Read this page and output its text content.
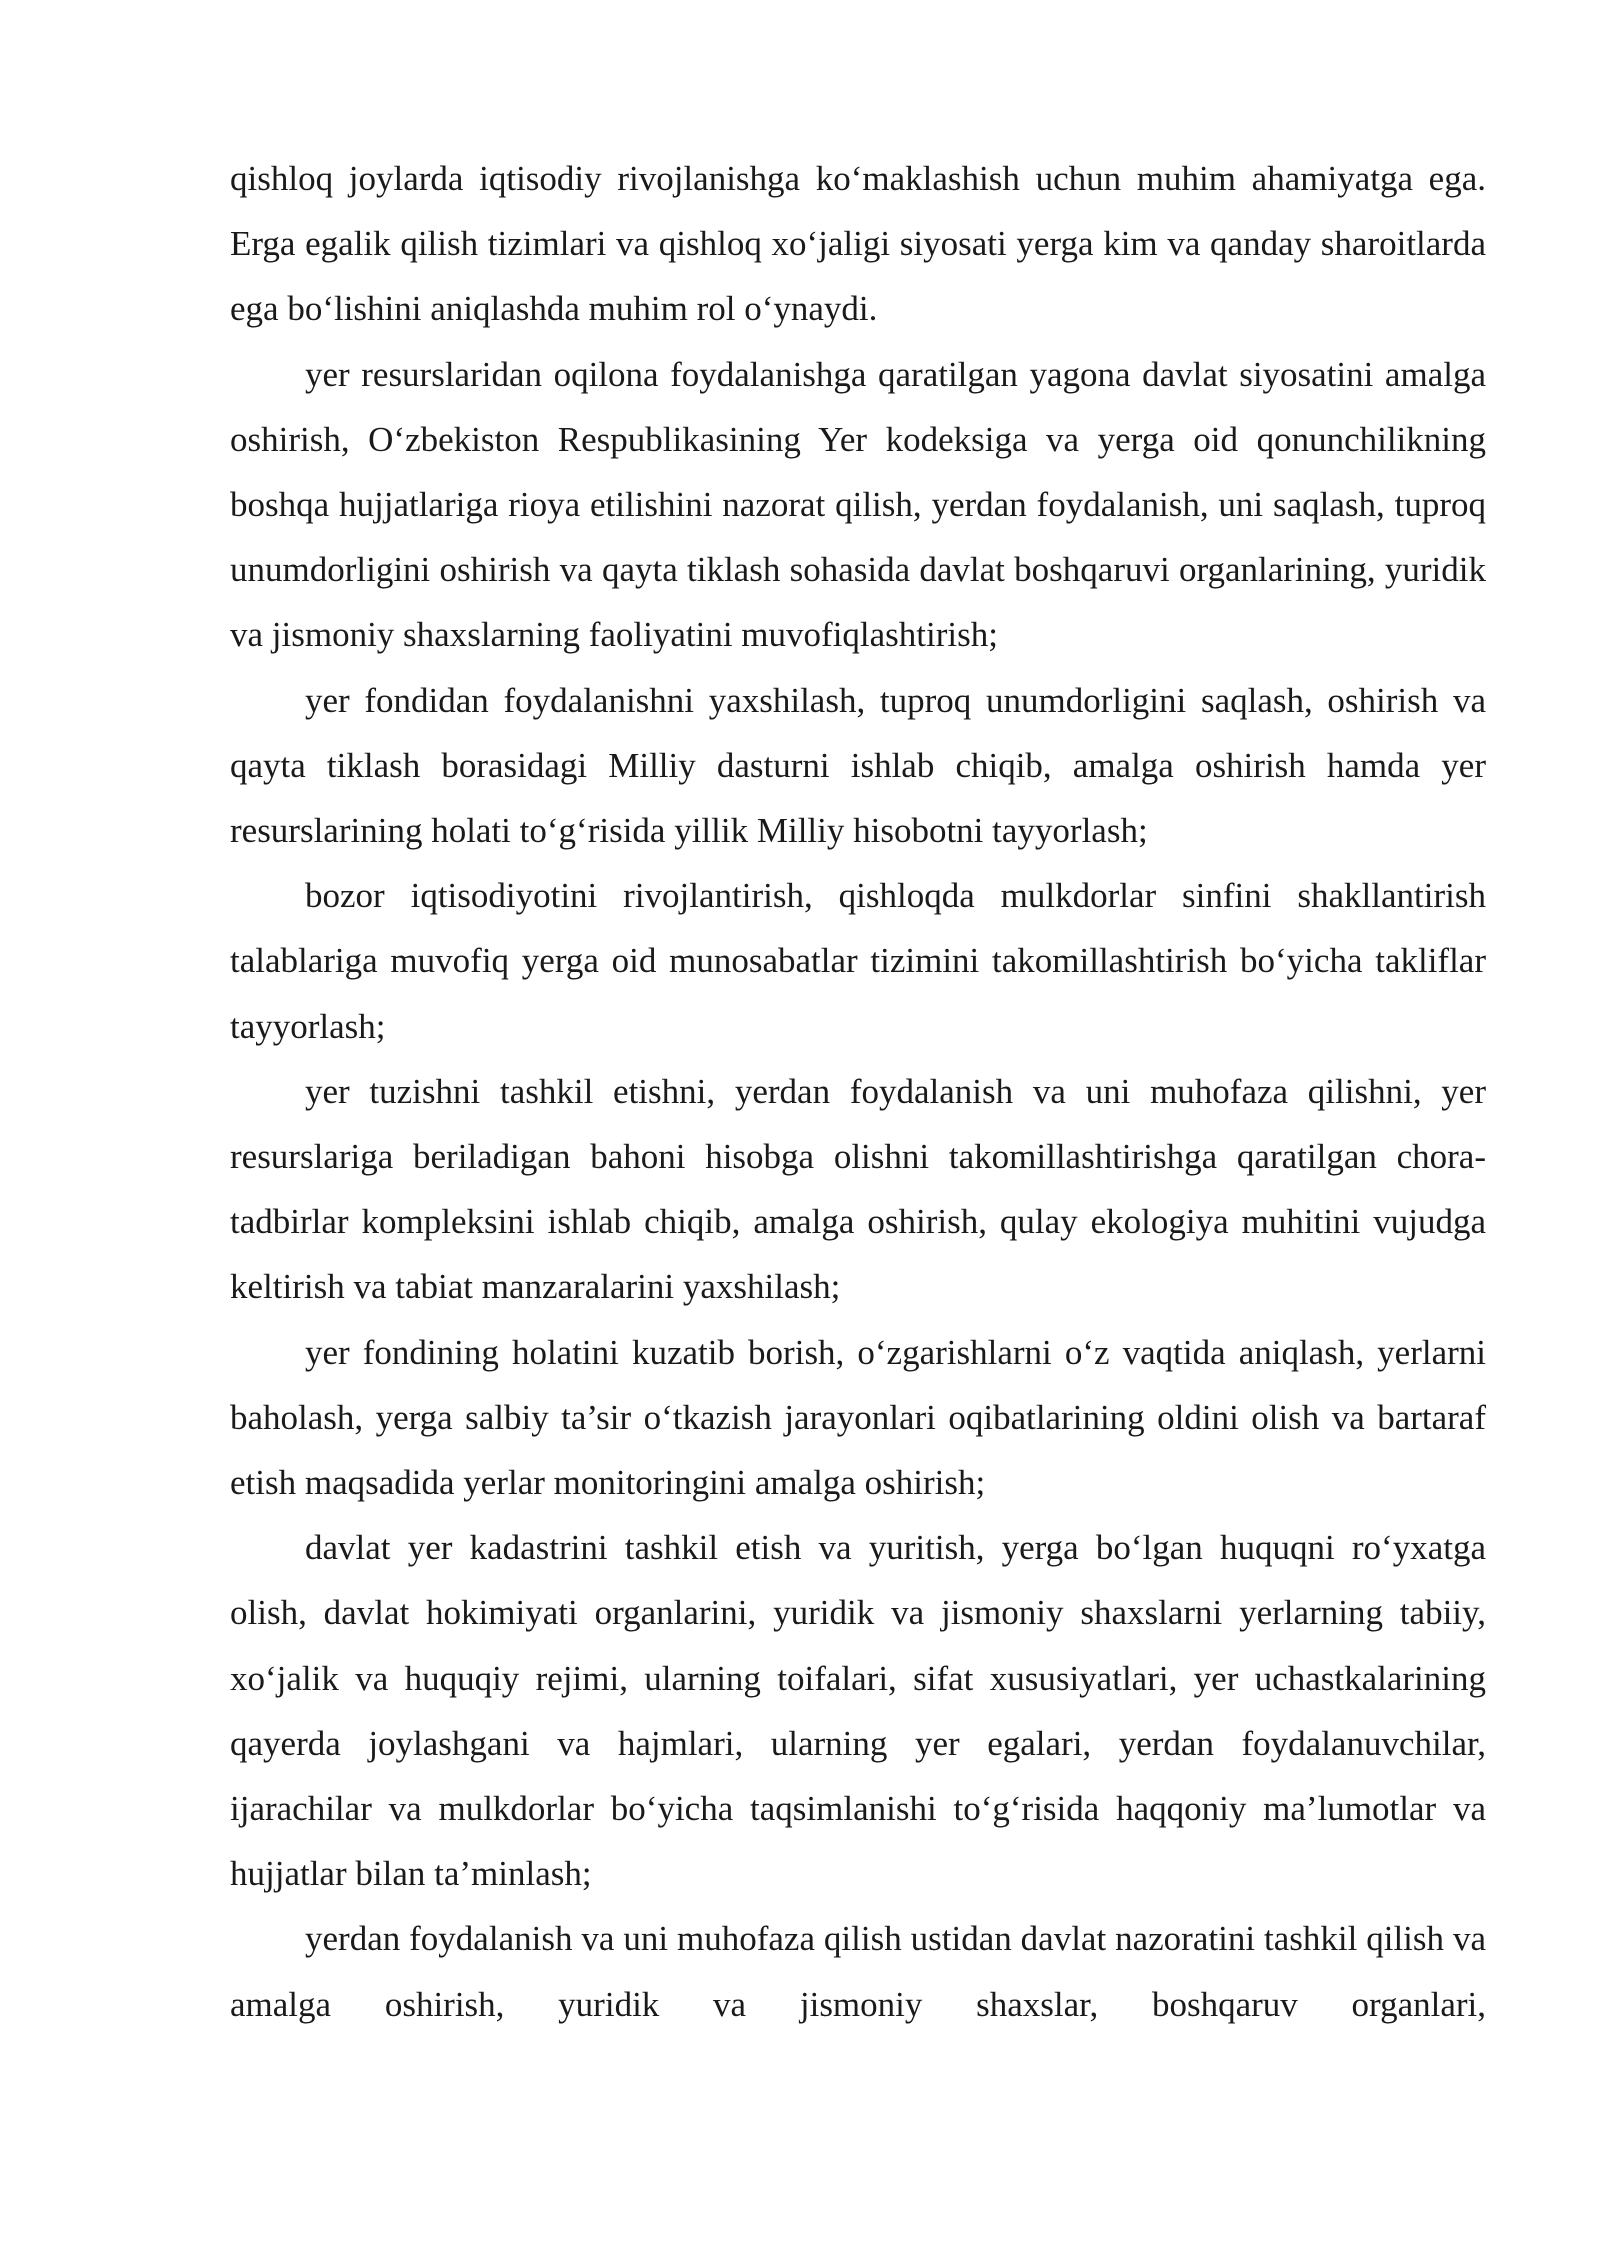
qishloq joylarda iqtisodiy rivojlanishga ko‘maklashish uchun muhim ahamiyatga ega. Erga egalik qilish tizimlari va qishloq xo‘jaligi siyosati yerga kim va qanday sharoitlarda ega bo‘lishini aniqlashda muhim rol o‘ynaydi.

yer resurslaridan oqilona foydalanishga qaratilgan yagona davlat siyosatini amalga oshirish, O‘zbekiston Respublikasining Yer kodeksiga va yerga oid qonunchilikning boshqa hujjatlariga rioya etilishini nazorat qilish, yerdan foydalanish, uni saqlash, tuproq unumdorligini oshirish va qayta tiklash sohasida davlat boshqaruvi organlarining, yuridik va jismoniy shaxslarning faoliyatini muvofiqlashtirish;

yer fondidan foydalanishni yaxshilash, tuproq unumdorligini saqlash, oshirish va qayta tiklash borasidagi Milliy dasturni ishlab chiqib, amalga oshirish hamda yer resurslarining holati to‘g‘risida yillik Milliy hisobotni tayyorlash;

bozor iqtisodiyotini rivojlantirish, qishloqda mulkdorlar sinfini shakllantirish talablariga muvofiq yerga oid munosabatlar tizimini takomillashtirish bo‘yicha takliflar tayyorlash;

yer tuzishni tashkil etishni, yerdan foydalanish va uni muhofaza qilishni, yer resurslariga beriladigan bahoni hisobga olishni takomillashtirishga qaratilgan chora-tadbirlar kompleksini ishlab chiqib, amalga oshirish, qulay ekologiya muhitini vujudga keltirish va tabiat manzaralarini yaxshilash;

yer fondining holatini kuzatib borish, o‘zgarishlarni o‘z vaqtida aniqlash, yerlarni baholash, yerga salbiy ta’sir o‘tkazish jarayonlari oqibatlarining oldini olish va bartaraf etish maqsadida yerlar monitoringini amalga oshirish;

davlat yer kadastrini tashkil etish va yuritish, yerga bo‘lgan huquqni ro‘yxatga olish, davlat hokimiyati organlarini, yuridik va jismoniy shaxslarni yerlarning tabiiy, xo‘jalik va huquqiy rejimi, ularning toifalari, sifat xususiyatlari, yer uchastkalarining qayerda joylashgani va hajmlari, ularning yer egalari, yerdan foydalanuvchilar, ijarachilar va mulkdorlar bo‘yicha taqsimlanishi to‘g‘risida haqqoniy ma’lumotlar va hujjatlar bilan ta’minlash;

yerdan foydalanish va uni muhofaza qilish ustidan davlat nazoratini tashkil qilish va amalga oshirish, yuridik va jismoniy shaxslar, boshqaruv organlari,
